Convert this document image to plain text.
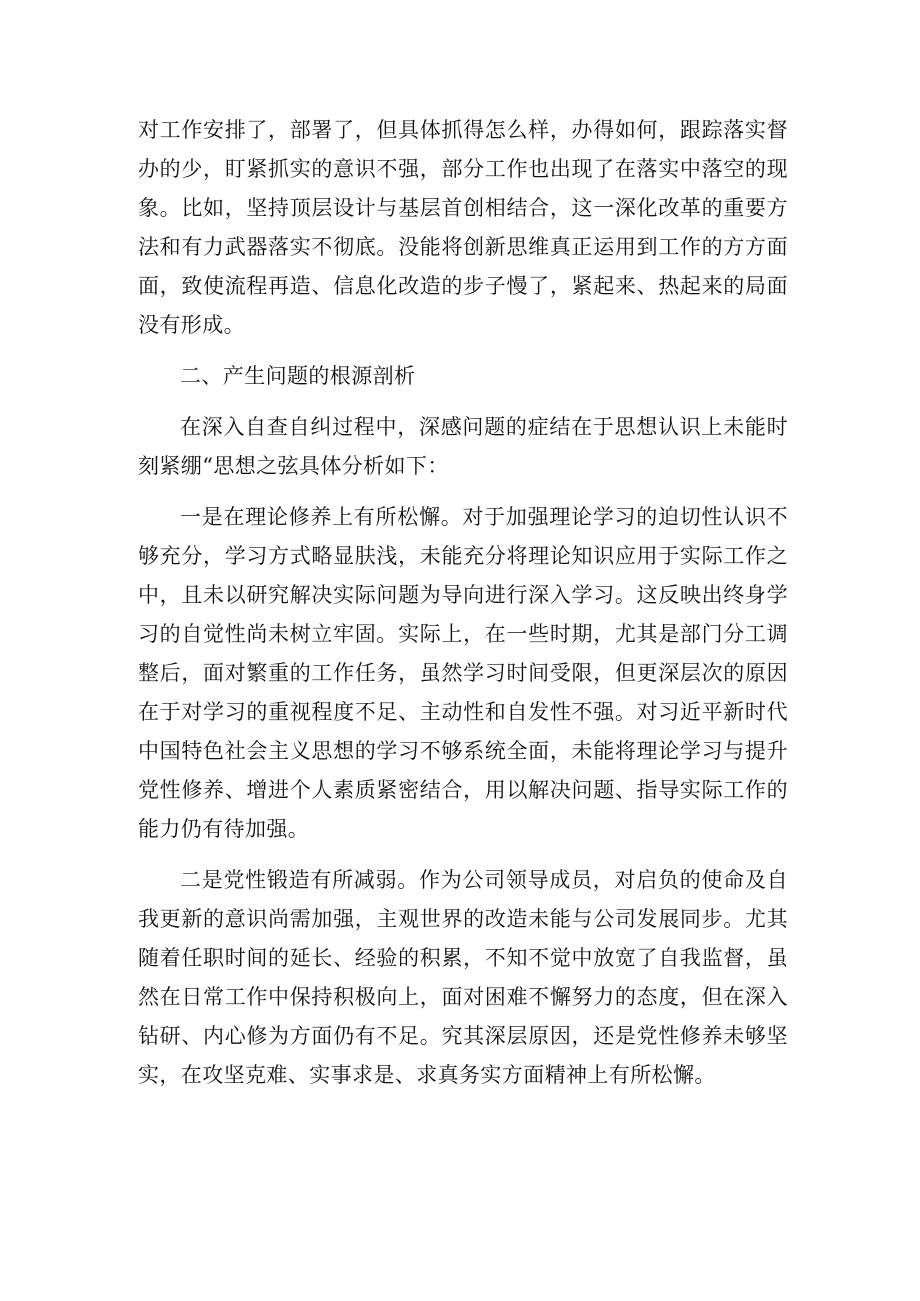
对工作安排了，部署了，但具体抓得怎么样，办得如何，跟踪落实督办的少，盯紧抓实的意识不强，部分工作也出现了在落实中落空的现象。比如，坚持顶层设计与基层首创相结合，这一深化改革的重要方法和有力武器落实不彻底。没能将创新思维真正运用到工作的方方面面，致使流程再造、信息化改造的步子慢了，紧起来、热起来的局面没有形成。

二、产生问题的根源剖析

在深入自查自纠过程中，深感问题的症结在于思想认识上未能时刻紧绷“思想之弦具体分析如下：

一是在理论修养上有所松懈。对于加强理论学习的迫切性认识不够充分，学习方式略显肤浅，未能充分将理论知识应用于实际工作之中，且未以研究解决实际问题为导向进行深入学习。这反映出终身学习的自觉性尚未树立牢固。实际上，在一些时期，尤其是部门分工调整后，面对繁重的工作任务，虽然学习时间受限，但更深层次的原因在于对学习的重视程度不足、主动性和自发性不强。对习近平新时代中国特色社会主义思想的学习不够系统全面，未能将理论学习与提升党性修养、增进个人素质紧密结合，用以解决问题、指导实际工作的能力仍有待加强。

二是党性锻造有所减弱。作为公司领导成员，对启负的使命及自我更新的意识尚需加强，主观世界的改造未能与公司发展同步。尤其随着任职时间的延长、经验的积累，不知不觉中放宽了自我监督，虽然在日常工作中保持积极向上，面对困难不懈努力的态度，但在深入钻研、内心修为方面仍有不足。究其深层原因，还是党性修养未够坚实，在攻坚克难、实事求是、求真务实方面精神上有所松懈。
